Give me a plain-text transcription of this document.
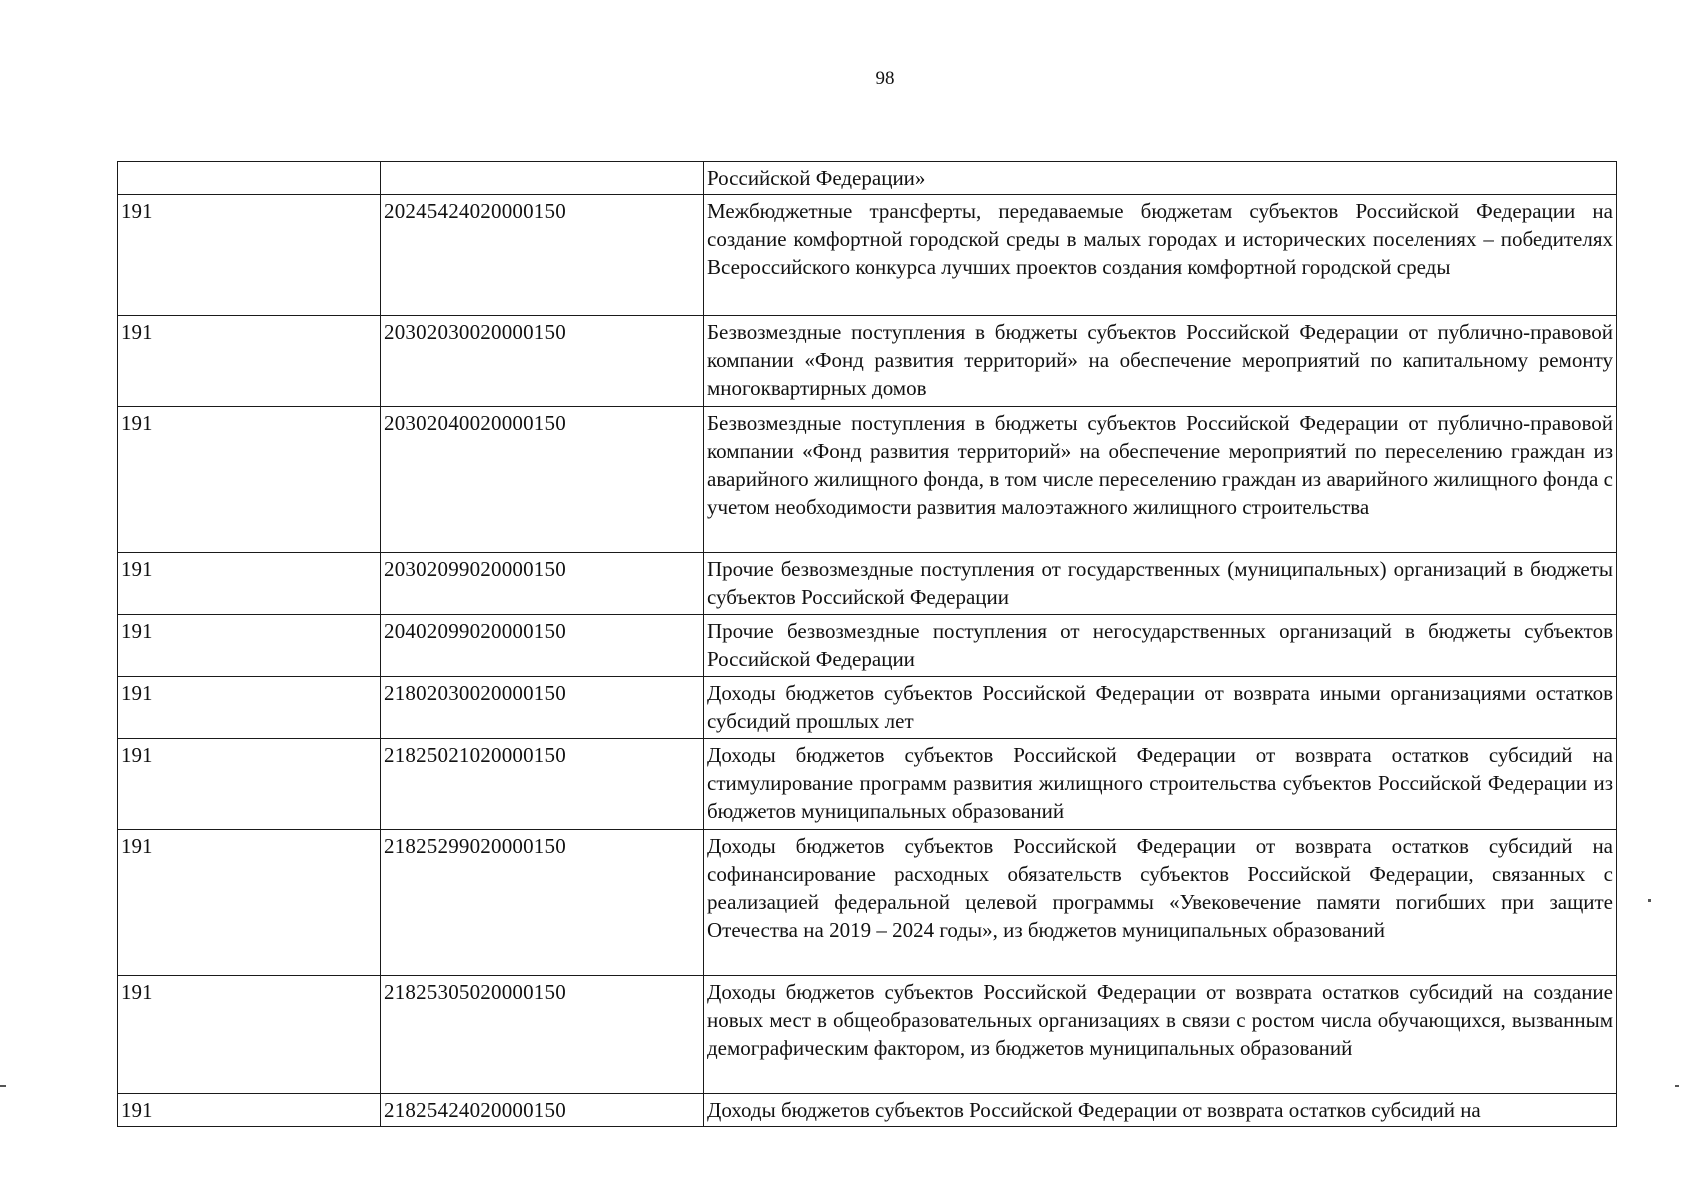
98
		Российской Федерации»
191	20245424020000150	Межбюджетные трансферты, передаваемые бюджетам субъектов Российской Федерации на создание комфортной городской среды в малых городах и исторических поселениях – победителях Всероссийского конкурса лучших проектов создания комфортной городской среды
191	20302030020000150	Безвозмездные поступления в бюджеты субъектов Российской Федерации от публично-правовой компании «Фонд развития территорий» на обеспечение мероприятий по капитальному ремонту многоквартирных домов
191	20302040020000150	Безвозмездные поступления в бюджеты субъектов Российской Федерации от публично-правовой компании «Фонд развития территорий» на обеспечение мероприятий по переселению граждан из аварийного жилищного фонда, в том числе переселению граждан из аварийного жилищного фонда с учетом необходимости развития малоэтажного жилищного строительства
191	20302099020000150	Прочие безвозмездные поступления от государственных (муниципальных) организаций в бюджеты субъектов Российской Федерации
191	20402099020000150	Прочие безвозмездные поступления от негосударственных организаций в бюджеты субъектов Российской Федерации
191	21802030020000150	Доходы бюджетов субъектов Российской Федерации от возврата иными организациями остатков субсидий прошлых лет
191	21825021020000150	Доходы бюджетов субъектов Российской Федерации от возврата остатков субсидий на стимулирование программ развития жилищного строительства субъектов Российской Федерации из бюджетов муниципальных образований
191	21825299020000150	Доходы бюджетов субъектов Российской Федерации от возврата остатков субсидий на софинансирование расходных обязательств субъектов Российской Федерации, связанных с реализацией федеральной целевой программы «Увековечение памяти погибших при защите Отечества на 2019 – 2024 годы», из бюджетов муниципальных образований
191	21825305020000150	Доходы бюджетов субъектов Российской Федерации от возврата остатков субсидий на создание новых мест в общеобразовательных организациях в связи с ростом числа обучающихся, вызванным демографическим фактором, из бюджетов муниципальных образований
191	21825424020000150	Доходы бюджетов субъектов Российской Федерации от возврата остатков субсидий на
